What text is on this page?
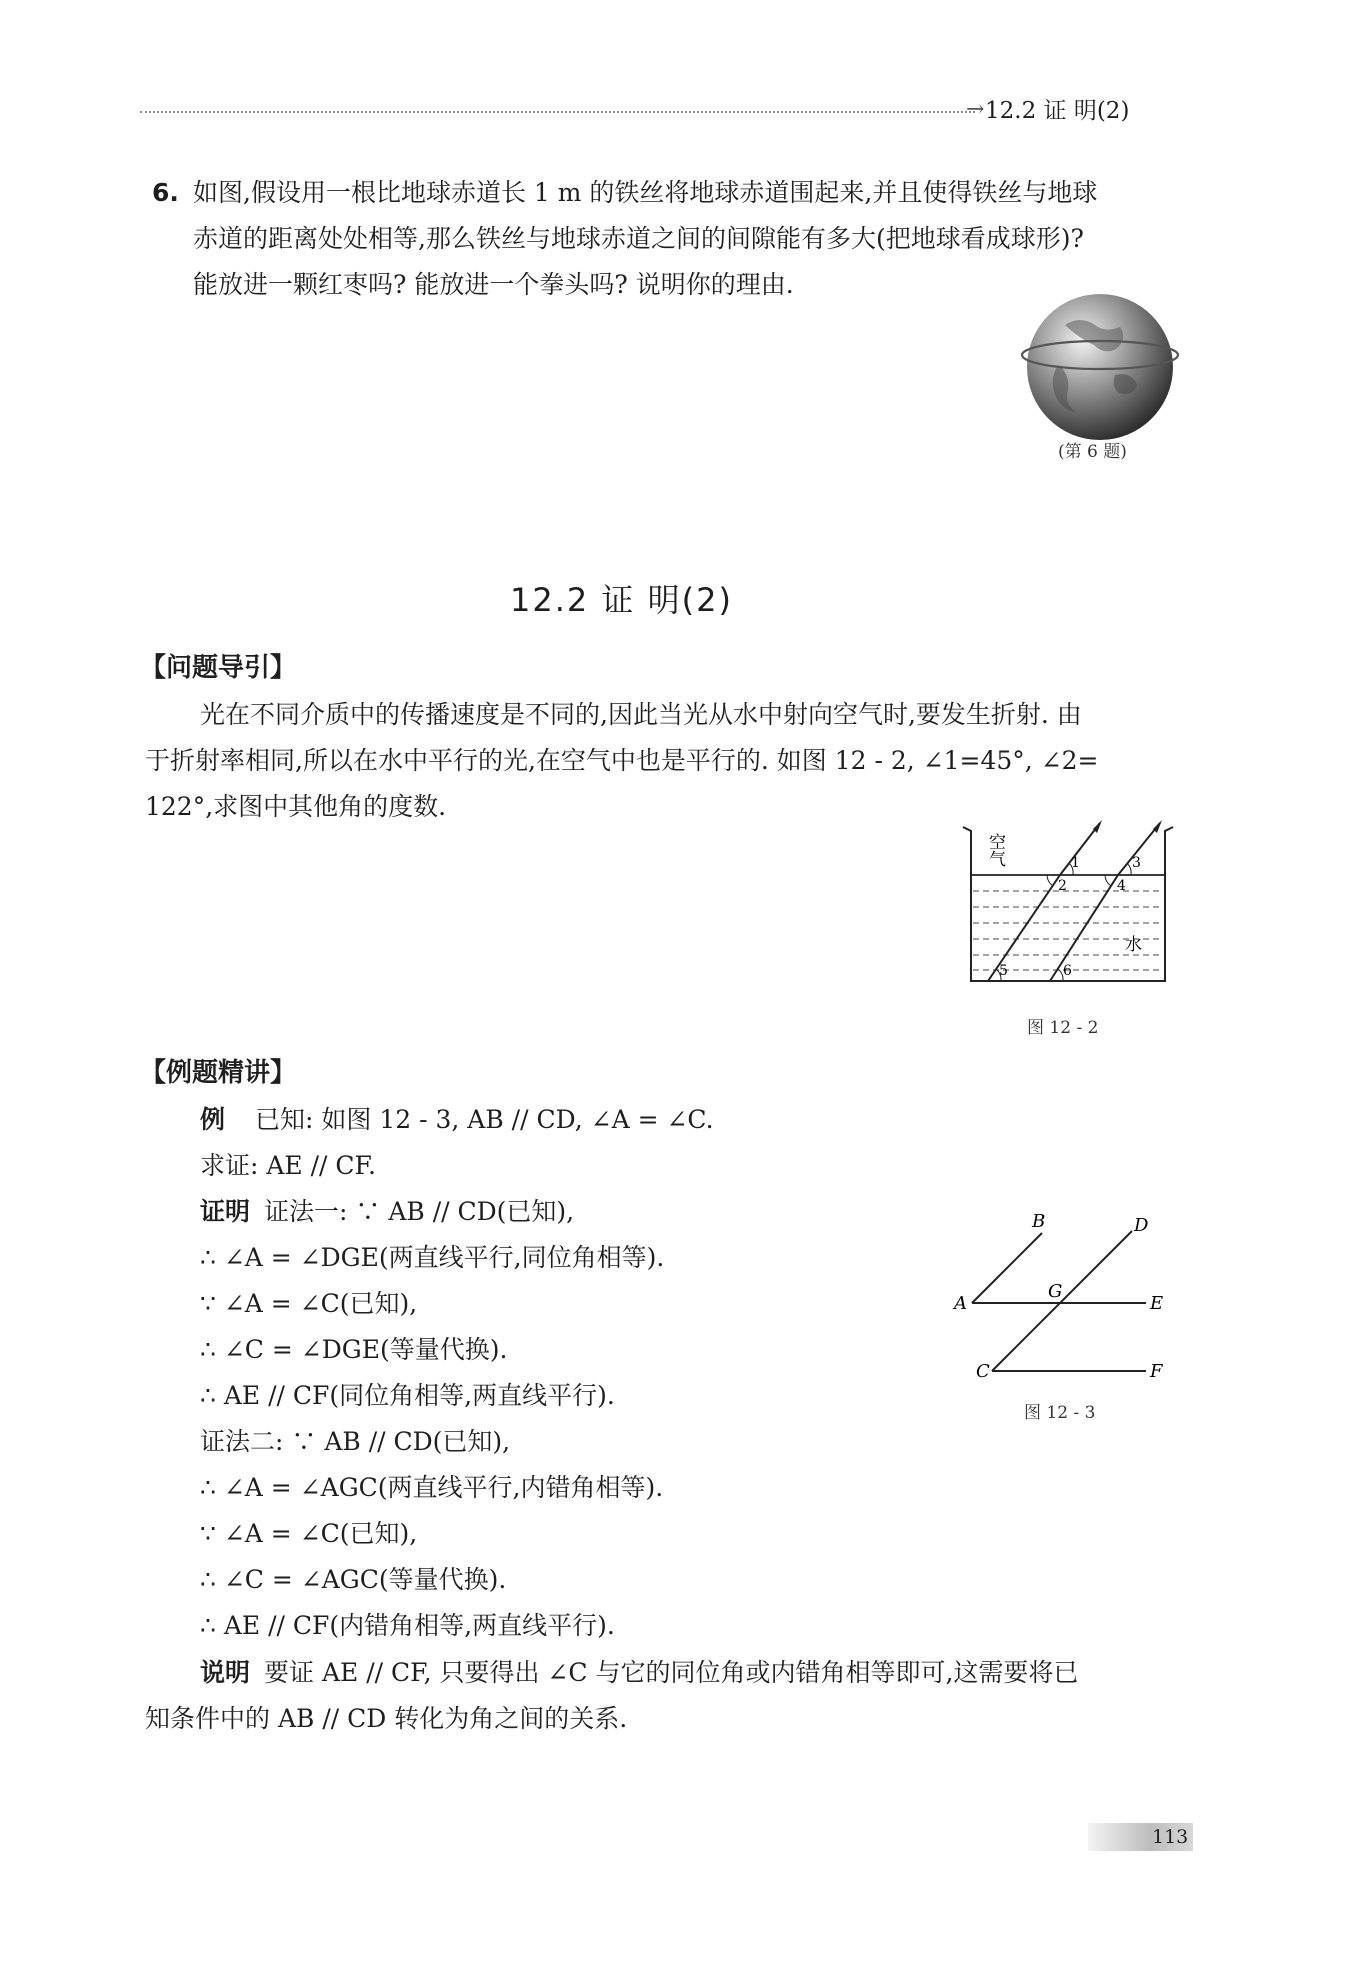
→ 12.2 证 明(2)
6. 如图,假设用一根比地球赤道长 1 m 的铁丝将地球赤道围起来,并且使得铁丝与地球
赤道的距离处处相等,那么铁丝与地球赤道之间的间隙能有多大(把地球看成球形)?
能放进一颗红枣吗? 能放进一个拳头吗? 说明你的理由.
(第 6 题)
12.2 证 明(2)
【问题导引】
光在不同介质中的传播速度是不同的,因此当光从水中射向空气时,要发生折射. 由
于折射率相同,所以在水中平行的光,在空气中也是平行的. 如图 12 - 2, ∠1=45°, ∠2=
122°,求图中其他角的度数.
空
气
水
1
2
3
4
5	6
图 12 - 2
【例题精讲】
例 已知: 如图 12 - 3, AB // CD, ∠A = ∠C.
求证: AE // CF.
证明 证法一: ∵ AB // CD(已知),
∴ ∠A = ∠DGE(两直线平行,同位角相等).
∵ ∠A = ∠C(已知),
∴ ∠C = ∠DGE(等量代换).
∴ AE // CF(同位角相等,两直线平行).
证法二: ∵ AB // CD(已知),
∴ ∠A = ∠AGC(两直线平行,内错角相等).
∵ ∠A = ∠C(已知),
∴ ∠C = ∠AGC(等量代换).
∴ AE // CF(内错角相等,两直线平行).
说明 要证 AE // CF, 只要得出 ∠C 与它的同位角或内错角相等即可,这需要将已
知条件中的 AB // CD 转化为角之间的关系.
A
B
C
D
E
F
G
图 12 - 3
113
